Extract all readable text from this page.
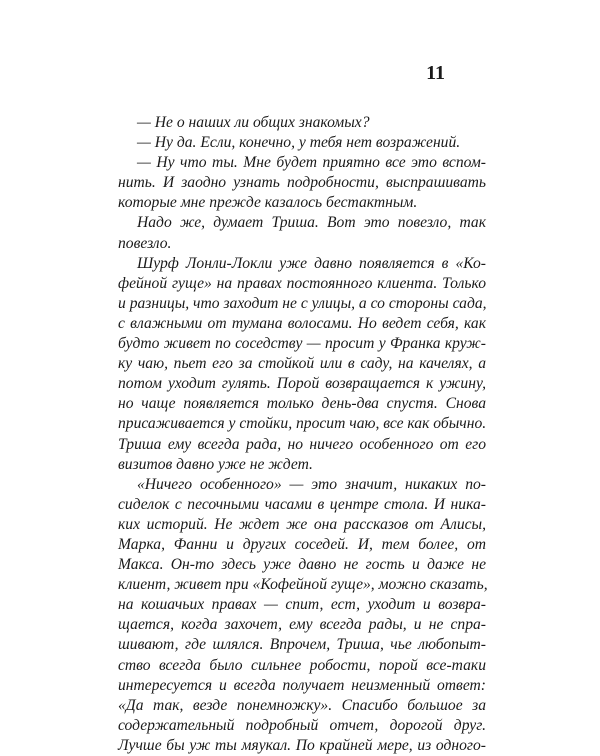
11
— Не о наших ли общих знакомых?
— Ну да. Если, конечно, у тебя нет возражений.
— Ну что ты. Мне будет приятно все это вспом-
нить. И заодно узнать подробности, выспрашивать
которые мне прежде казалось бестактным.
Надо же, думает Триша. Вот это повезло, так
повезло.
Шурф Лонли-Локли уже давно появляется в «Ко-
фейной гуще» на правах постоянного клиента. Только
и разницы, что заходит не с улицы, а со стороны сада,
с влажными от тумана волосами. Но ведет себя, как
будто живет по соседству — просит у Франка круж-
ку чаю, пьет его за стойкой или в саду, на качелях, а
потом уходит гулять. Порой возвращается к ужину,
но чаще появляется только день-два спустя. Снова
присаживается у стойки, просит чаю, все как обычно.
Триша ему всегда рада, но ничего особенного от его
визитов давно уже не ждет.
«Ничего особенного» — это значит, никаких по-
сиделок с песочными часами в центре стола. И ника-
ких историй. Не ждет же она рассказов от Алисы,
Марка, Фанни и других соседей. И, тем более, от
Макса. Он-то здесь уже давно не гость и даже не
клиент, живет при «Кофейной гуще», можно сказать,
на кошачьих правах — спит, ест, уходит и возвра-
щается, когда захочет, ему всегда рады, и не спра-
шивают, где шлялся. Впрочем, Триша, чье любопыт-
ство всегда было сильнее робости, порой все-таки
интересуется и всегда получает неизменный ответ:
«Да так, везде понемножку». Спасибо большое за
содержательный подробный отчет, дорогой друг.
Лучше бы уж ты мяукал. По крайней мере, из одного-
